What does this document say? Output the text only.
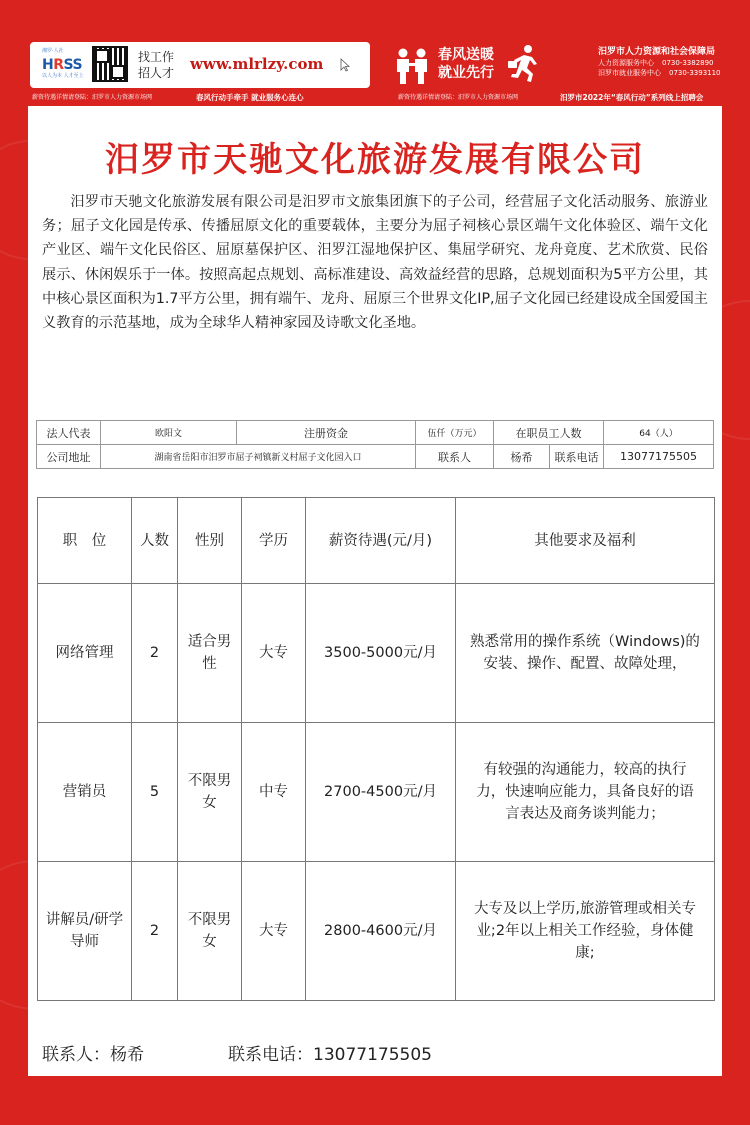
湘罗·人社
HRSS
以人为本 人才至上
找工作
招人才 www.mlrlzy.com	春风送暖
就业先行
汨罗市人力资源和社会保障局
人力资源服务中心 0730-3382890
汨罗市就业服务中心 0730-3393110
薪资待遇详情请登陆：汨罗市人力资源市场网	春风行动手牵手 就业服务心连心	薪资待遇详情请登陆：汨罗市人力资源市场网	汨罗市2022年“春风行动”系列线上招聘会
汨罗市天驰文化旅游发展有限公司

汨罗市天驰文化旅游发展有限公司是汨罗市文旅集团旗下的子公司，经营屈子文化活动服务、旅游业务；屈子文化园是传承、传播屈原文化的重要载体，主要分为屈子祠核心景区端午文化体验区、端午文化产业区、端午文化民俗区、屈原墓保护区、汨罗江湿地保护区、集屈学研究、龙舟竟度、艺术欣赏、民俗展示、休闲娱乐于一体。按照高起点规划、高标准建设、高效益经营的思路，总规划面积为5平方公里，其中核心景区面积为1.7平方公里，拥有端午、龙舟、屈原三个世界文化IP,屈子文化园已经建设成全国爱国主义教育的示范基地，成为全球华人精神家园及诗歌文化圣地。

法人代表	欧阳文	注册资金	伍仟（万元）	在职员工人数		64（人）
公司地址	湖南省岳阳市汨罗市屈子祠镇新义村屈子文化园入口		联系人	杨希	联系电话	13077175505
职　位	人数	性别	学历	薪资待遇(元/月)	其他要求及福利
网络管理	2	适合男性	大专	3500-5000元/月	熟悉常用的操作系统（Windows)的安装、操作、配置、故障处理，
营销员	5	不限男女	中专	2700-4500元/月	有较强的沟通能力，较高的执行力，快速响应能力，具备良好的语言表达及商务谈判能力；
讲解员/研学导师	2	不限男女	大专	2800-4600元/月	大专及以上学历,旅游管理或相关专业;2年以上相关工作经验，身体健康;
联系人：杨希	联系电话：13077175505
